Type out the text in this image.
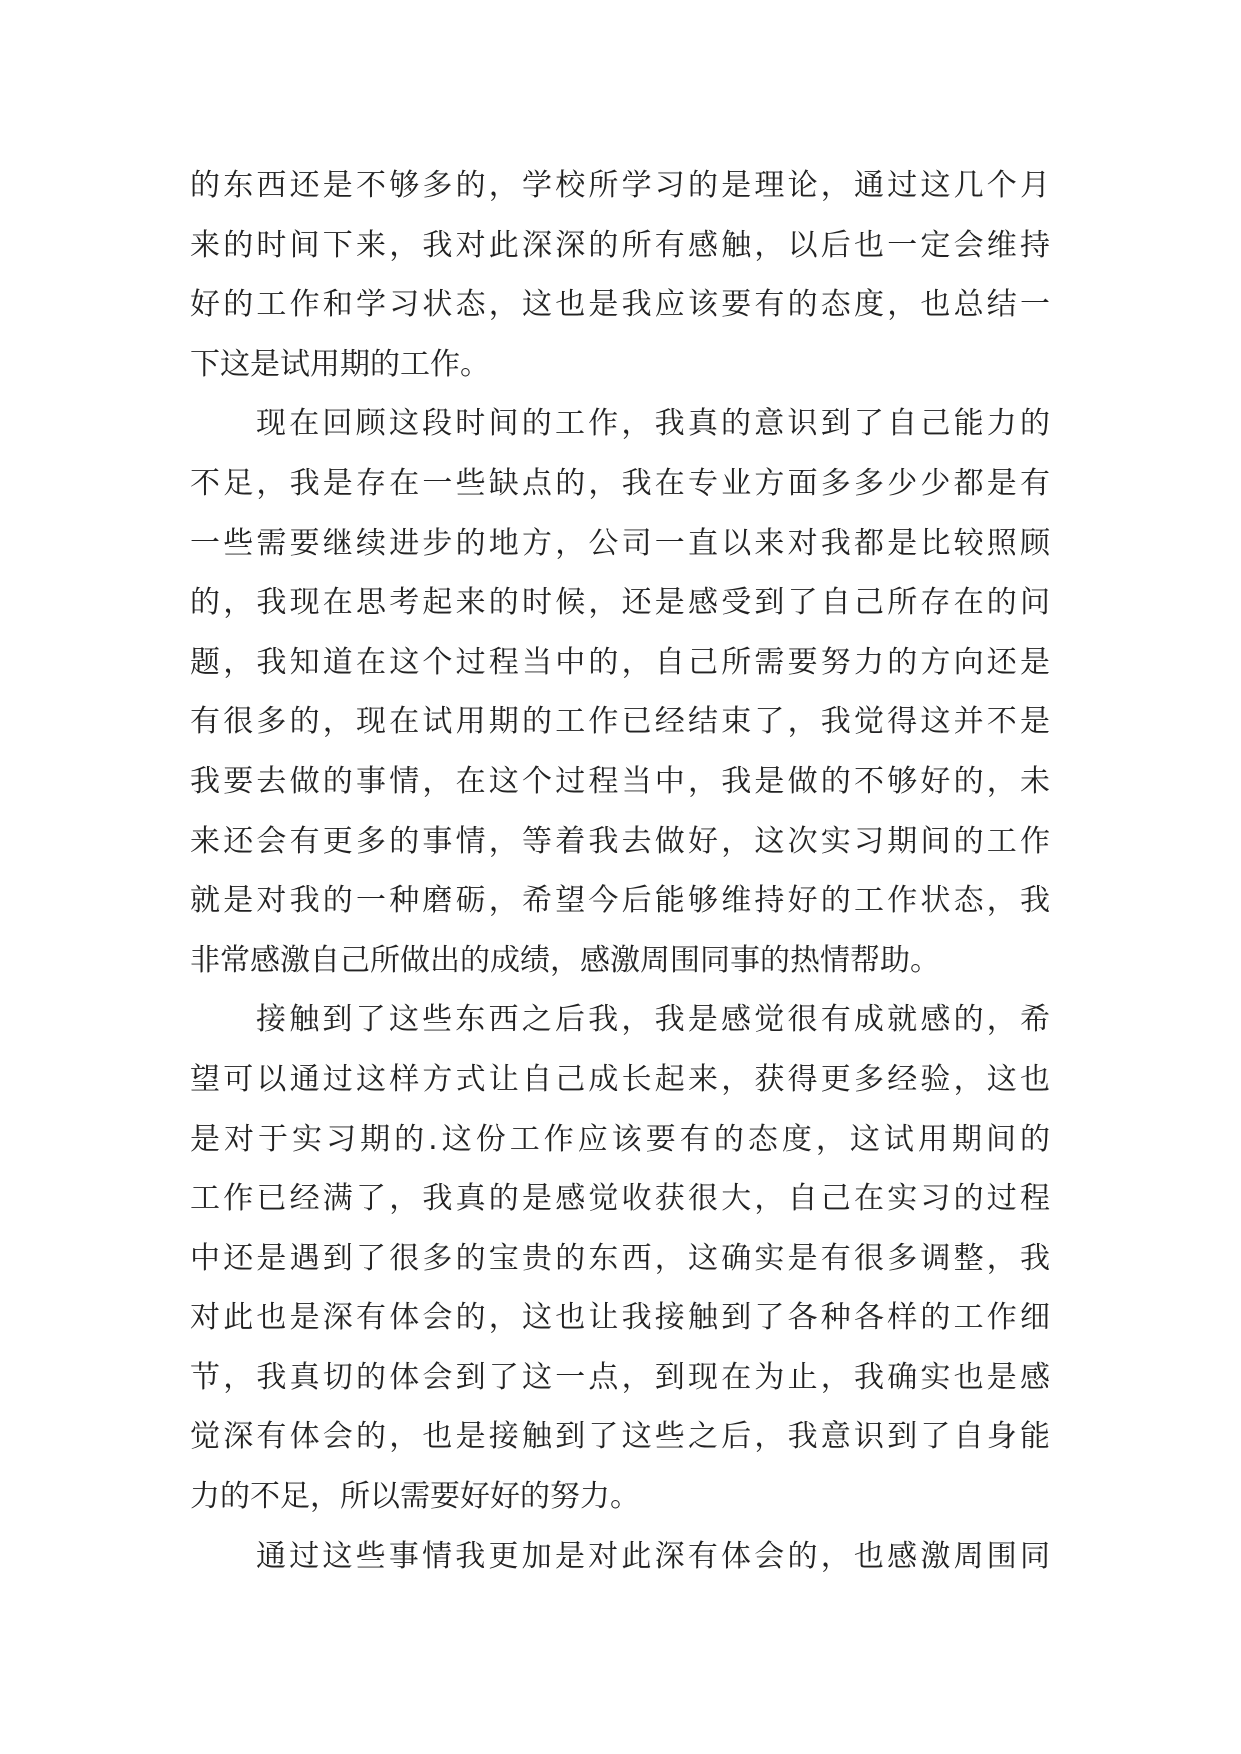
的东西还是不够多的，学校所学习的是理论，通过这几个月
来的时间下来，我对此深深的所有感触，以后也一定会维持
好的工作和学习状态，这也是我应该要有的态度，也总结一
下这是试用期的工作。
现在回顾这段时间的工作，我真的意识到了自己能力的
不足，我是存在一些缺点的，我在专业方面多多少少都是有
一些需要继续进步的地方，公司一直以来对我都是比较照顾
的，我现在思考起来的时候，还是感受到了自己所存在的问
题，我知道在这个过程当中的，自己所需要努力的方向还是
有很多的，现在试用期的工作已经结束了，我觉得这并不是
我要去做的事情，在这个过程当中，我是做的不够好的，未
来还会有更多的事情，等着我去做好，这次实习期间的工作
就是对我的一种磨砺，希望今后能够维持好的工作状态，我
非常感激自己所做出的成绩，感激周围同事的热情帮助。
接触到了这些东西之后我，我是感觉很有成就感的，希
望可以通过这样方式让自己成长起来，获得更多经验，这也
是对于实习期的.这份工作应该要有的态度，这试用期间的
工作已经满了，我真的是感觉收获很大，自己在实习的过程
中还是遇到了很多的宝贵的东西，这确实是有很多调整，我
对此也是深有体会的，这也让我接触到了各种各样的工作细
节，我真切的体会到了这一点，到现在为止，我确实也是感
觉深有体会的，也是接触到了这些之后，我意识到了自身能
力的不足，所以需要好好的努力。
通过这些事情我更加是对此深有体会的，也感激周围同
